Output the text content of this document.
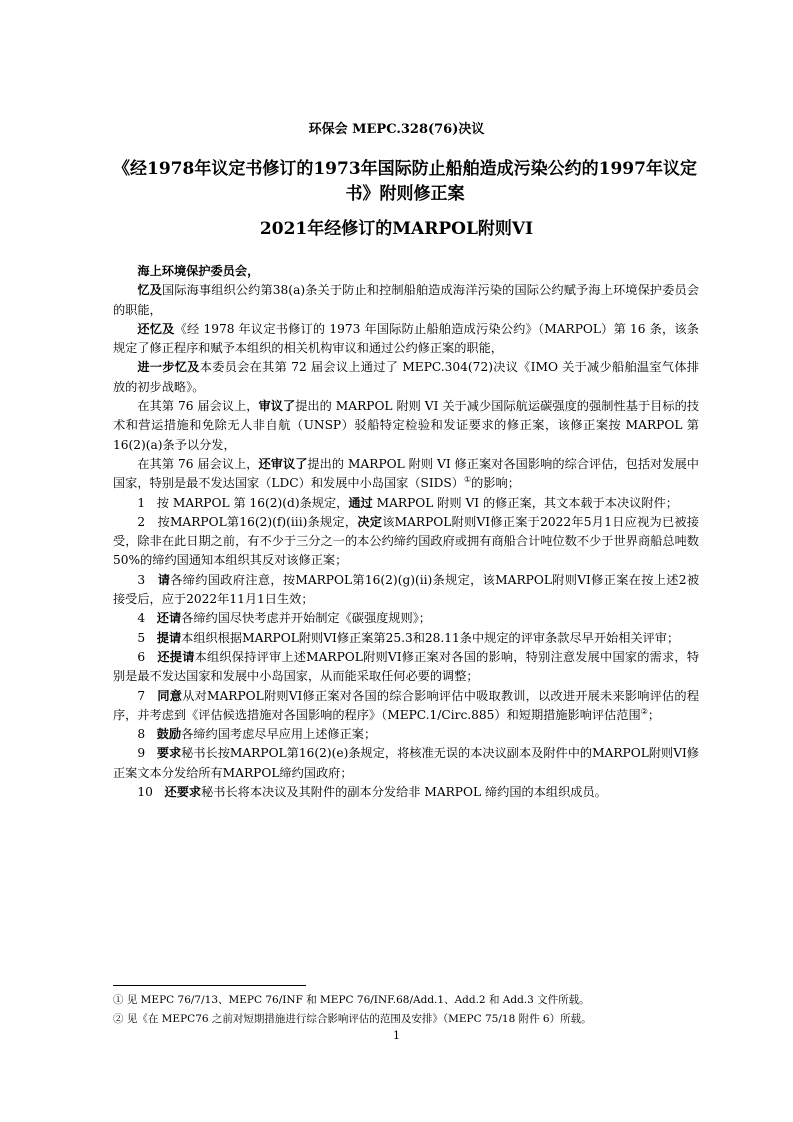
环保会 MEPC.328(76)决议
《经1978年议定书修订的1973年国际防止船舶造成污染公约的1997年议定书》附则修正案
2021年经修订的MARPOL附则VI

海上环境保护委员会，

忆及国际海事组织公约第38(a)条关于防止和控制船舶造成海洋污染的国际公约赋予海上环境保护委员会的职能，

还忆及《经 1978 年议定书修订的 1973 年国际防止船舶造成污染公约》（MARPOL）第 16 条，该条规定了修正程序和赋予本组织的相关机构审议和通过公约修正案的职能，

进一步忆及本委员会在其第 72 届会议上通过了 MEPC.304(72)决议《IMO 关于减少船舶温室气体排放的初步战略》。

在其第 76 届会议上，审议了提出的 MARPOL 附则 VI 关于减少国际航运碳强度的强制性基于目标的技术和营运措施和免除无人非自航（UNSP）驳船特定检验和发证要求的修正案，该修正案按 MARPOL 第 16(2)(a)条予以分发，

在其第 76 届会议上，还审议了提出的 MARPOL 附则 VI 修正案对各国影响的综合评估，包括对发展中国家，特别是最不发达国家（LDC）和发展中小岛国家（SIDS）①的影响；

1 按 MARPOL 第 16(2)(d)条规定，通过 MARPOL 附则 VI 的修正案，其文本载于本决议附件；

2 按MARPOL第16(2)(f)(iii)条规定，决定该MARPOL附则VI修正案于2022年5月1日应视为已被接受，除非在此日期之前，有不少于三分之一的本公约缔约国政府或拥有商船合计吨位数不少于世界商船总吨数50%的缔约国通知本组织其反对该修正案；

3 请各缔约国政府注意，按MARPOL第16(2)(g)(ii)条规定，该MARPOL附则VI修正案在按上述2被接受后，应于2022年11月1日生效；

4 还请各缔约国尽快考虑并开始制定《碳强度规则》；

5 提请本组织根据MARPOL附则VI修正案第25.3和28.11条中规定的评审条款尽早开始相关评审；

6 还提请本组织保持评审上述MARPOL附则VI修正案对各国的影响，特别注意发展中国家的需求，特别是最不发达国家和发展中小岛国家，从而能采取任何必要的调整；

7 同意从对MARPOL附则VI修正案对各国的综合影响评估中吸取教训，以改进开展未来影响评估的程序，并考虑到《评估候选措施对各国影响的程序》（MEPC.1/Circ.885）和短期措施影响评估范围②；

8 鼓励各缔约国考虑尽早应用上述修正案；

9 要求秘书长按MARPOL第16(2)(e)条规定，将核准无误的本决议副本及附件中的MARPOL附则VI修正案文本分发给所有MARPOL缔约国政府；

10 还要求秘书长将本决议及其附件的副本分发给非 MARPOL 缔约国的本组织成员。

① 见 MEPC 76/7/13、MEPC 76/INF 和 MEPC 76/INF.68/Add.1、Add.2 和 Add.3 文件所载。
② 见《在 MEPC76 之前对短期措施进行综合影响评估的范围及安排》（MEPC 75/18 附件 6）所载。
1
